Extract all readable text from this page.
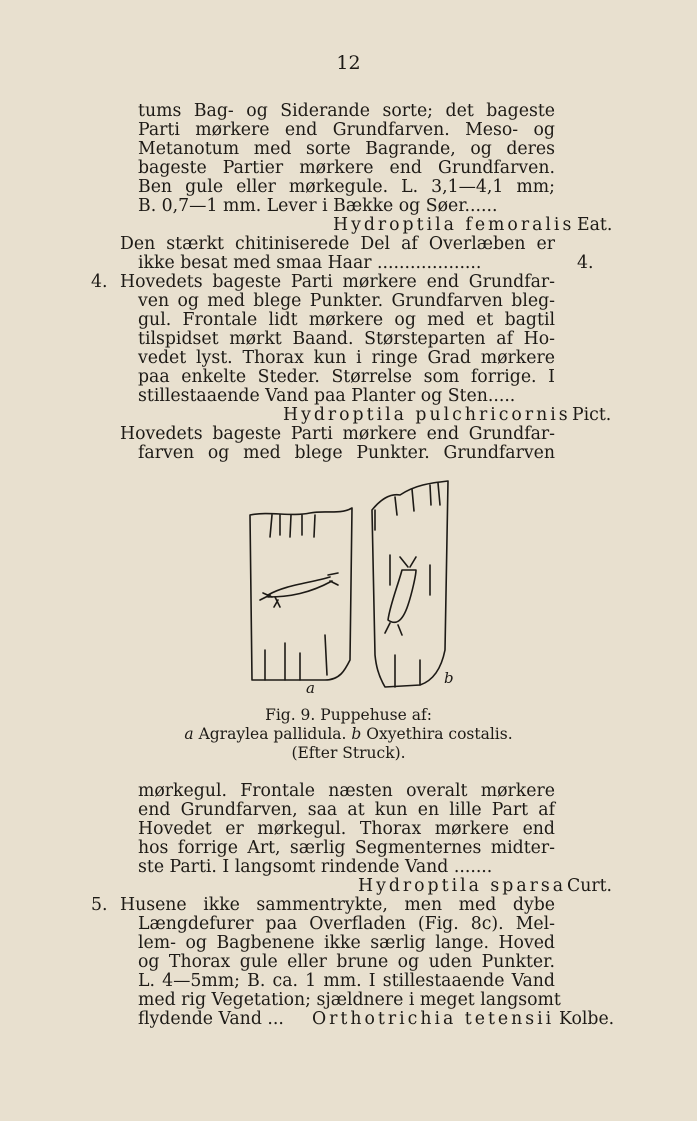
12
tums Bag- og Siderande sorte; det bageste
Parti mørkere end Grundfarven. Meso- og
Metanotum med sorte Bagrande, og deres
bageste Partier mørkere end Grundfarven.
Ben gule eller mørkegule. L. 3,1—4,1 mm;
B. 0,7—1 mm. Lever i Bække og Søer......
Hydroptila femoralis Eat.
Den stærkt chitiniserede Del af Overlæben er
ikke besat med smaa Haar ...................	4.
4. Hovedets bageste Parti mørkere end Grundfar-
ven og med blege Punkter. Grundfarven bleg-
gul. Frontale lidt mørkere og med et bagtil
tilspidset mørkt Baand. Størsteparten af Ho-
vedet lyst. Thorax kun i ringe Grad mørkere
paa enkelte Steder. Størrelse som forrige. I
stillestaaende Vand paa Planter og Sten.....
Hydroptila pulchricornis Pict.
Hovedets bageste Parti mørkere end Grundfar-
farven og med blege Punkter. Grundfarven
a
b
Fig. 9. Puppehuse af:
a Agraylea pallidula. b Oxyethira costalis.
(Efter Struck).
mørkegul. Frontale næsten overalt mørkere
end Grundfarven, saa at kun en lille Part af
Hovedet er mørkegul. Thorax mørkere end
hos forrige Art, særlig Segmenternes midter-
ste Parti. I langsomt rindende Vand .......
Hydroptila sparsa Curt.
5. Husene ikke sammentrykte, men med dybe
Længdefurer paa Overfladen (Fig. 8c). Mel-
lem- og Bagbenene ikke særlig lange. Hoved
og Thorax gule eller brune og uden Punkter.
L. 4—5mm; B. ca. 1 mm. I stillestaaende Vand
med rig Vegetation; sjældnere i meget langsomt
flydende Vand ... Orthotrichia tetensii Kolbe.
